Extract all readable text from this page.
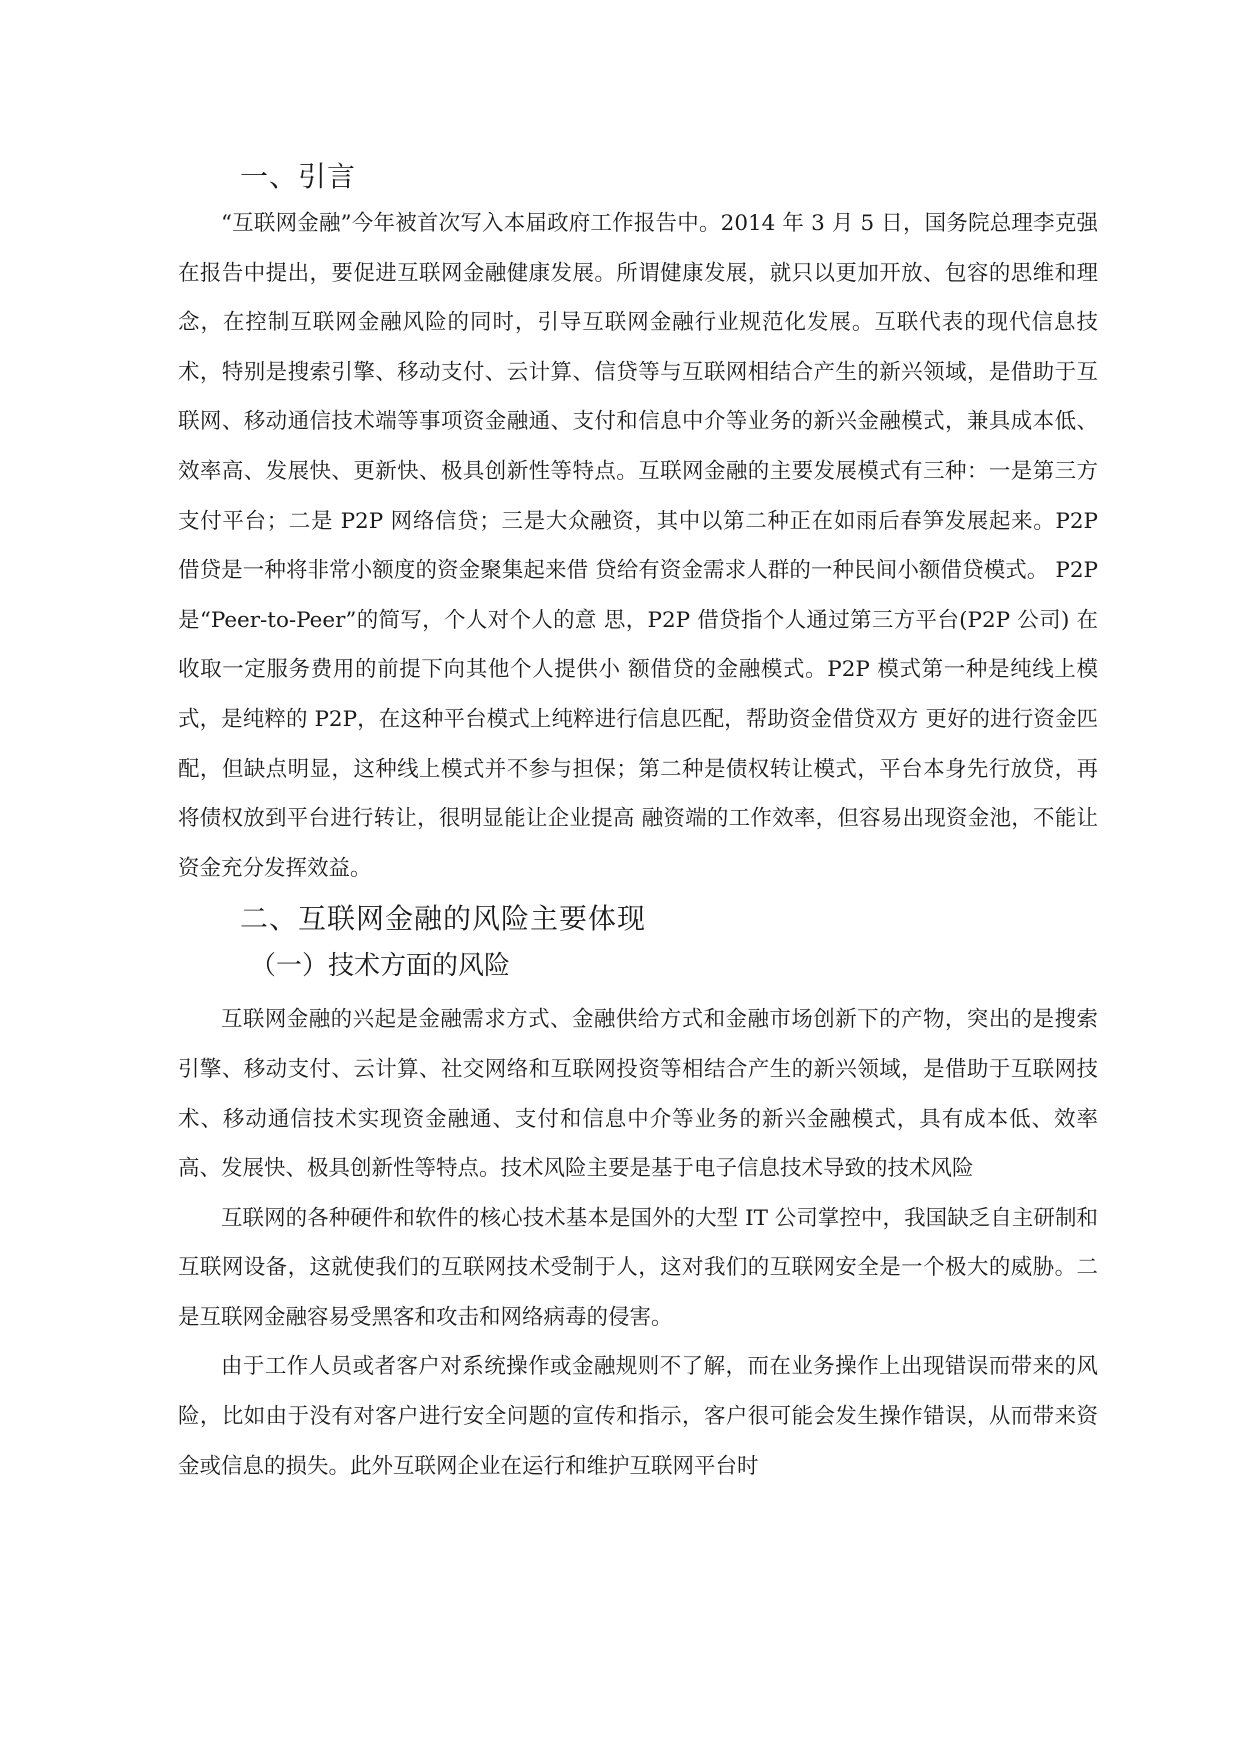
一、引言

“互联网金融”今年被首次写入本届政府工作报告中。2014 年 3 月 5 日，国务院总理李克强在报告中提出，要促进互联网金融健康发展。所谓健康发展，就只以更加开放、包容的思维和理念，在控制互联网金融风险的同时，引导互联网金融行业规范化发展。互联代表的现代信息技术，特别是搜索引擎、移动支付、云计算、信贷等与互联网相结合产生的新兴领域，是借助于互联网、移动通信技术端等事项资金融通、支付和信息中介等业务的新兴金融模式，兼具成本低、效率高、发展快、更新快、极具创新性等特点。互联网金融的主要发展模式有三种：一是第三方支付平台；二是 P2P 网络信贷；三是大众融资，其中以第二种正在如雨后春笋发展起来。P2P 借贷是一种将非常小额度的资金聚集起来借 贷给有资金需求人群的一种民间小额借贷模式。 P2P 是“Peer-to-Peer”的简写，个人对个人的意 思，P2P 借贷指个人通过第三方平台(P2P 公司) 在收取一定服务费用的前提下向其他个人提供小 额借贷的金融模式。P2P 模式第一种是纯线上模式，是纯粹的 P2P，在这种平台模式上纯粹进行信息匹配，帮助资金借贷双方 更好的进行资金匹配，但缺点明显，这种线上模式并不参与担保；第二种是债权转让模式，平台本身先行放贷，再 将债权放到平台进行转让，很明显能让企业提高 融资端的工作效率，但容易出现资金池，不能让资金充分发挥效益。

二、互联网金融的风险主要体现
（一）技术方面的风险

互联网金融的兴起是金融需求方式、金融供给方式和金融市场创新下的产物，突出的是搜索引擎、移动支付、云计算、社交网络和互联网投资等相结合产生的新兴领域，是借助于互联网技术、移动通信技术实现资金融通、支付和信息中介等业务的新兴金融模式，具有成本低、效率高、发展快、极具创新性等特点。技术风险主要是基于电子信息技术导致的技术风险

互联网的各种硬件和软件的核心技术基本是国外的大型 IT 公司掌控中，我国缺乏自主研制和互联网设备，这就使我们的互联网技术受制于人，这对我们的互联网安全是一个极大的威胁。二是互联网金融容易受黑客和攻击和网络病毒的侵害。

由于工作人员或者客户对系统操作或金融规则不了解，而在业务操作上出现错误而带来的风险，比如由于没有对客户进行安全问题的宣传和指示，客户很可能会发生操作错误，从而带来资金或信息的损失。此外互联网企业在运行和维护互联网平台时
